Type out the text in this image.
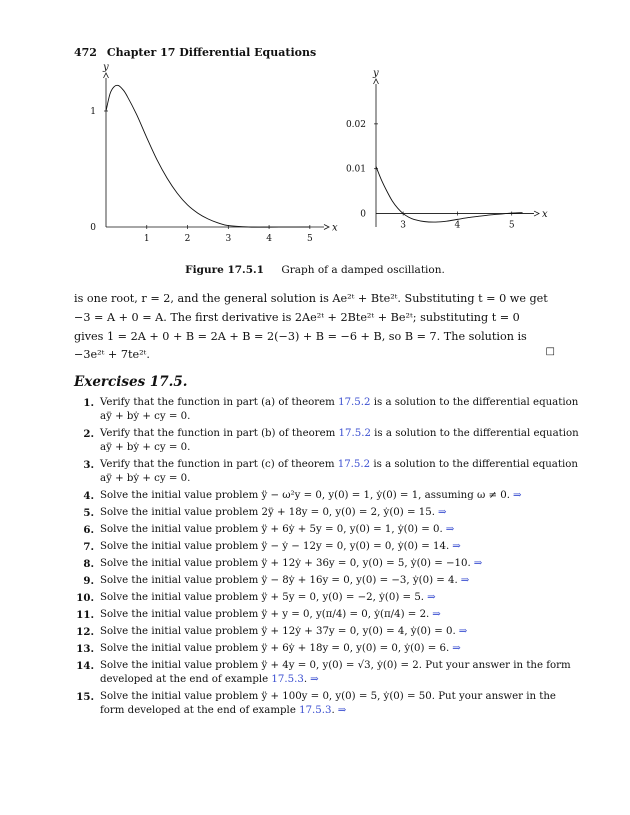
472 Chapter 17 Differential Equations
x
y
1	2	3	4	5
0
1
x
y
3	4	5
0
0.01
0.02
Figure 17.5.1 Graph of a damped oscillation.
is one root, r = 2, and the general solution is Ae²ᵗ + Bte²ᵗ. Substituting t = 0 we get
−3 = A + 0 = A. The first derivative is 2Ae²ᵗ + 2Bte²ᵗ + Be²ᵗ; substituting t = 0
gives 1 = 2A + 0 + B = 2A + B = 2(−3) + B = −6 + B, so B = 7. The solution is
−3e²ᵗ + 7te²ᵗ.	□
Exercises 17.5.
1. Verify that the function in part (a) of theorem 17.5.2 is a solution to the differential equation
aÿ + bẏ + cy = 0.
2. Verify that the function in part (b) of theorem 17.5.2 is a solution to the differential equation
aÿ + bẏ + cy = 0.
3. Verify that the function in part (c) of theorem 17.5.2 is a solution to the differential equation
aÿ + bẏ + cy = 0.
4. Solve the initial value problem ÿ − ω²y = 0, y(0) = 1, ẏ(0) = 1, assuming ω ≠ 0. ⇒
5. Solve the initial value problem 2ÿ + 18y = 0, y(0) = 2, ẏ(0) = 15. ⇒
6. Solve the initial value problem ÿ + 6ẏ + 5y = 0, y(0) = 1, ẏ(0) = 0. ⇒
7. Solve the initial value problem ÿ − ẏ − 12y = 0, y(0) = 0, ẏ(0) = 14. ⇒
8. Solve the initial value problem ÿ + 12ẏ + 36y = 0, y(0) = 5, ẏ(0) = −10. ⇒
9. Solve the initial value problem ÿ − 8ẏ + 16y = 0, y(0) = −3, ẏ(0) = 4. ⇒
10. Solve the initial value problem ÿ + 5y = 0, y(0) = −2, ẏ(0) = 5. ⇒
11. Solve the initial value problem ÿ + y = 0, y(π/4) = 0, ẏ(π/4) = 2. ⇒
12. Solve the initial value problem ÿ + 12ẏ + 37y = 0, y(0) = 4, ẏ(0) = 0. ⇒
13. Solve the initial value problem ÿ + 6ẏ + 18y = 0, y(0) = 0, ẏ(0) = 6. ⇒
14. Solve the initial value problem ÿ + 4y = 0, y(0) = √3, ẏ(0) = 2. Put your answer in the form
developed at the end of example 17.5.3. ⇒
15. Solve the initial value problem ÿ + 100y = 0, y(0) = 5, ẏ(0) = 50. Put your answer in the
form developed at the end of example 17.5.3. ⇒
